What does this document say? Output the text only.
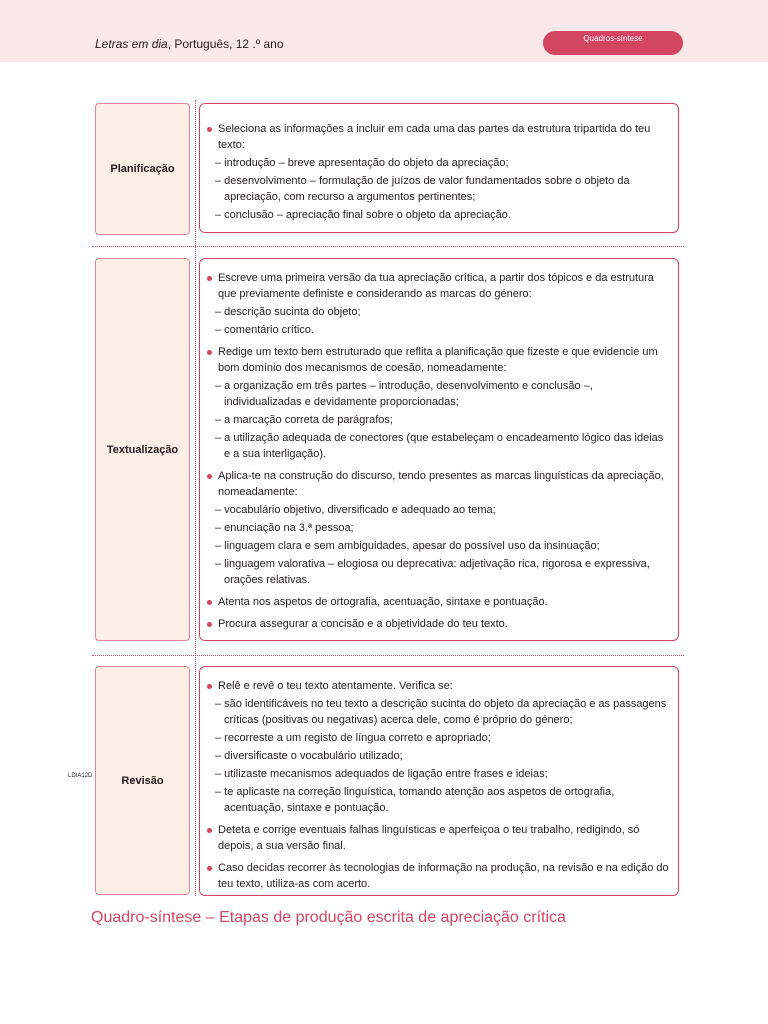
Letras em dia, Português, 12 .º ano	Quadros-síntese
Planificação
Seleciona as informações a incluir em cada uma das partes da estrutura tripartida do teu texto:
– introdução – breve apresentação do objeto da apreciação;
– desenvolvimento – formulação de juízos de valor fundamentados sobre o objeto da apreciação, com recurso a argumentos pertinentes;
– conclusão – apreciação final sobre o objeto da apreciação.
Textualização
Escreve uma primeira versão da tua apreciação crítica, a partir dos tópicos e da estrutura que previamente definiste e considerando as marcas do género:
– descrição sucinta do objeto;
– comentário crítico.
Redige um texto bem estruturado que reflita a planificação que fizeste e que evidencie um bom domínio dos mecanismos de coesão, nomeadamente:
– a organização em três partes – introdução, desenvolvimento e conclusão –, individualizadas e devidamente proporcionadas;
– a marcação correta de parágrafos;
– a utilização adequada de conectores (que estabeleçam o encadeamento lógico das ideias e a sua interligação).
Aplica-te na construção do discurso, tendo presentes as marcas linguísticas da apreciação, nomeadamente:
– vocabulário objetivo, diversificado e adequado ao tema;
– enunciação na 3.ª pessoa;
– linguagem clara e sem ambiguidades, apesar do possível uso da insinuação;
– linguagem valorativa – elogiosa ou deprecativa: adjetivação rica, rigorosa e expressiva, orações relativas.
Atenta nos aspetos de ortografia, acentuação, sintaxe e pontuação.
Procura assegurar a concisão e a objetividade do teu texto.
Revisão
Relê e revê o teu texto atentamente. Verifica se:
– são identificáveis no teu texto a descrição sucinta do objeto da apreciação e as passagens críticas (positivas ou negativas) acerca dele, como é próprio do género;
– recorreste a um registo de língua correto e apropriado;
– diversificaste o vocabulário utilizado;
– utilizaste mecanismos adequados de ligação entre frases e ideias;
– te aplicaste na correção linguística, tomando atenção aos aspetos de ortografia, acentuação, sintaxe e pontuação.
Deteta e corrige eventuais falhas linguísticas e aperfeiçoa o teu trabalho, redigindo, só depois, a sua versão final.
Caso decidas recorrer às tecnologias de informação na produção, na revisão e na edição do teu texto, utiliza-as com acerto.
LDIA12D
Quadro-síntese – Etapas de produção escrita de apreciação crítica
